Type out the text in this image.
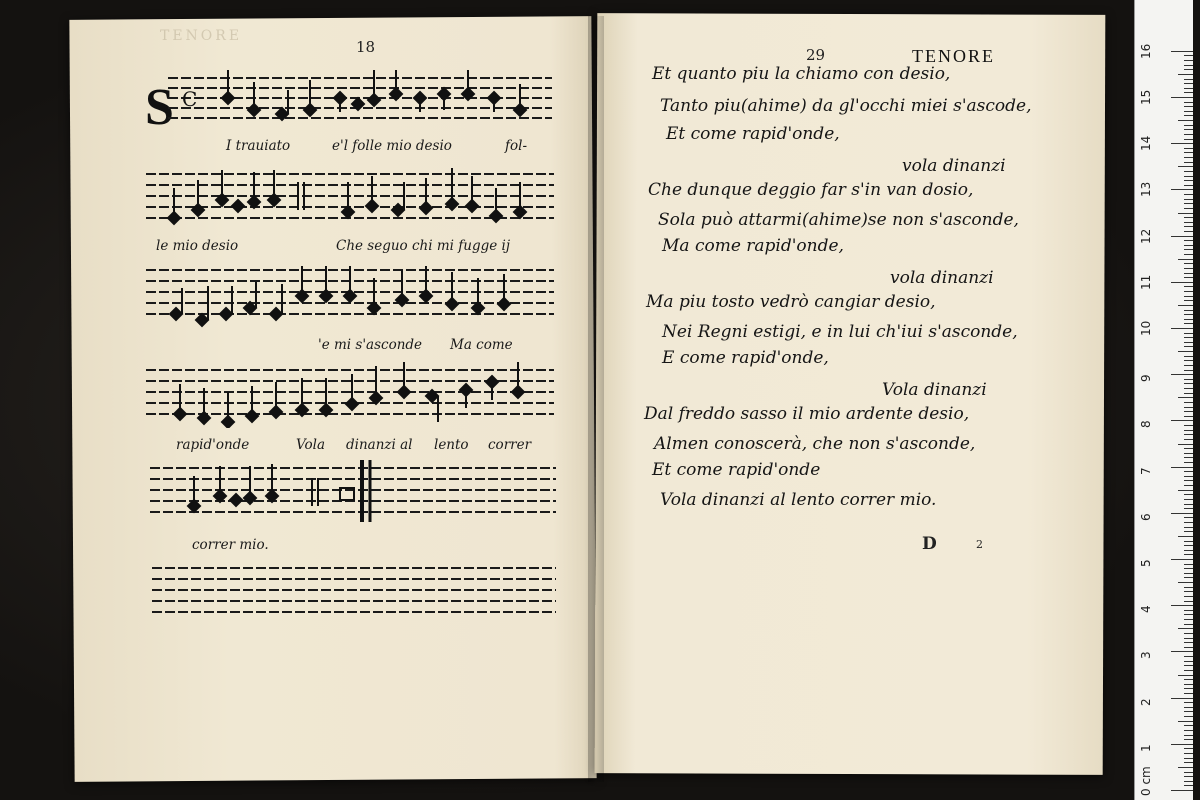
TENORE
18
S C
I trauiato	e'l folle mio desio	fol-
le mio desio	Che seguo chi mi fugge ij
'e mi s'asconde Ma come
rapid'onde	Vola dinanzi al lento correr
correr mio.
29	TENORE
Et quanto piu la chiamo con desio,
Tanto piu(ahime) da gl'occhi miei s'ascode,
Et come rapid'onde,
vola dinanzi
Che dunque deggio far s'in van dosio,
Sola può attarmi(ahime)se non s'asconde,
Ma come rapid'onde,
vola dinanzi
Ma piu tosto vedrò cangiar desio,
Nei Regni estigi, e in lui ch'iui s'asconde,
E come rapid'onde,
Vola dinanzi
Dal freddo sasso il mio ardente desio,
Almen conoscerà, che non s'asconde,
Et come rapid'onde
Vola dinanzi al lento correr mio.
D	2
0 cm
1
2
3
4
5
6
7
8
9
10
11
12
13
14
15
16
